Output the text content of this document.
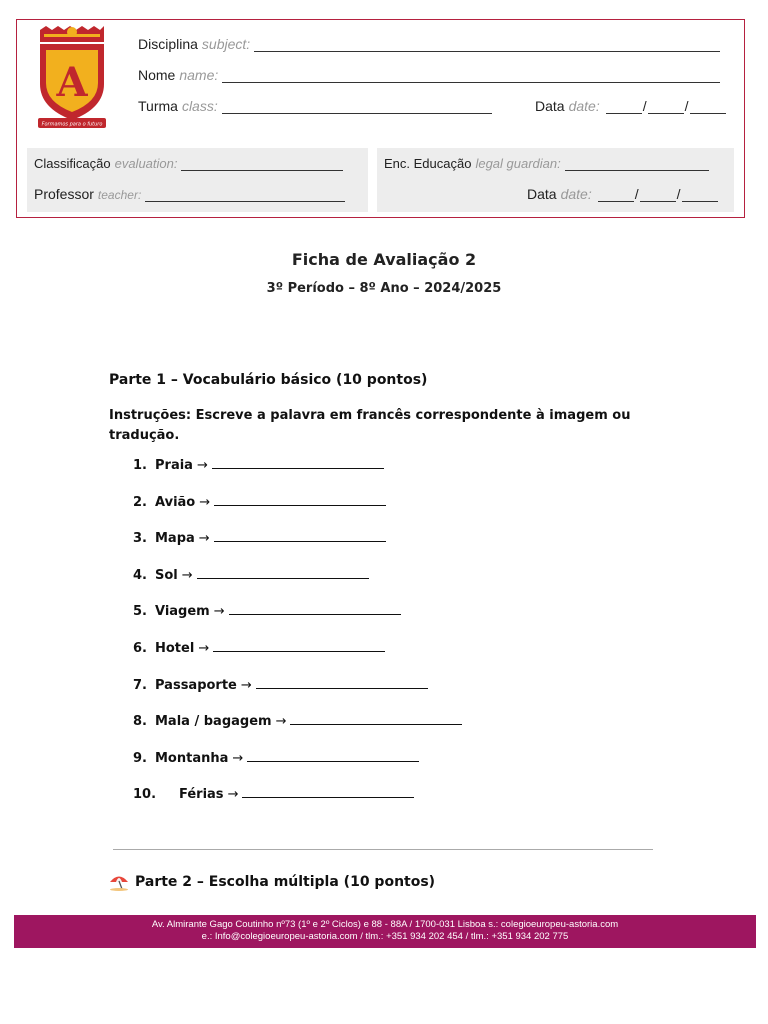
A
Formamos para o futuro
Disciplina subject:
Nome name:
Turma class:	Data date:	/	/
Classificação evaluation:
Professor teacher:
Enc. Educação legal guardian:
Data date:	/	/
Ficha de Avaliação 2
3º Período – 8º Ano – 2024/2025
Parte 1 – Vocabulário básico (10 pontos)
Instruções: Escreve a palavra em francês correspondente à imagem ou tradução.
1. Praia →
2. Avião →
3. Mapa →
4. Sol →
5. Viagem →
6. Hotel →
7. Passaporte →
8. Mala / bagagem →
9. Montanha →
10.	Férias →
Parte 2 – Escolha múltipla (10 pontos)
Av. Almirante Gago Coutinho nº73 (1º e 2º Ciclos) e 88 - 88A / 1700-031 Lisboa s.: colegioeuropeu-astoria.com
e.: Info@colegioeuropeu-astoria.com / tlm.: +351 934 202 454 / tlm.: +351 934 202 775
